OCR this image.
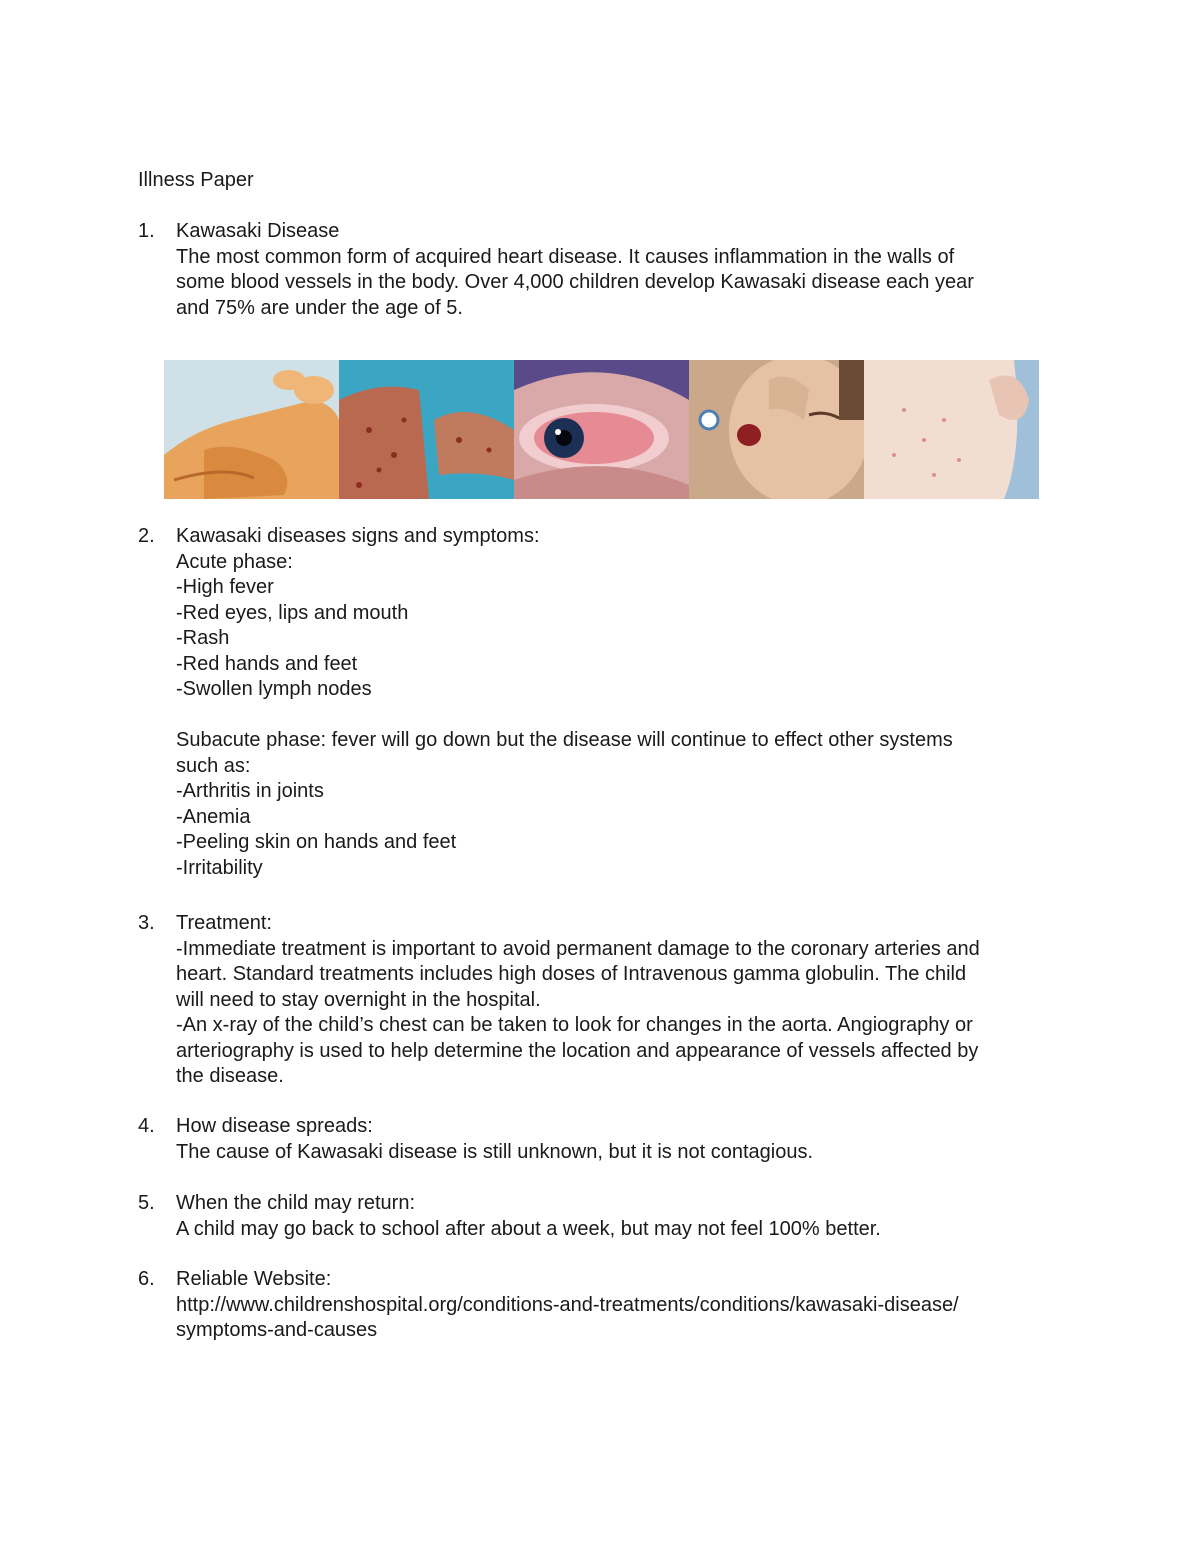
Illness Paper
1.	Kawasaki Disease
The most common form of acquired heart disease. It causes inflammation in the walls of
some blood vessels in the body. Over 4,000 children develop Kawasaki disease each year
and 75% are under the age of 5.
2.	Kawasaki diseases signs and symptoms:
Acute phase:
-High fever
-Red eyes, lips and mouth
-Rash
-Red hands and feet
-Swollen lymph nodes
Subacute phase: fever will go down but the disease will continue to effect other systems
such as:
-Arthritis in joints
-Anemia
-Peeling skin on hands and feet
-Irritability
3.	Treatment:
-Immediate treatment is important to avoid permanent damage to the coronary arteries and
heart. Standard treatments includes high doses of Intravenous gamma globulin. The child
will need to stay overnight in the hospital.
-An x-ray of the child’s chest can be taken to look for changes in the aorta. Angiography or
arteriography is used to help determine the location and appearance of vessels affected by
the disease.
4.	How disease spreads:
The cause of Kawasaki disease is still unknown, but it is not contagious.
5.	When the child may return:
A child may go back to school after about a week, but may not feel 100% better.
6.	Reliable Website:
http://www.childrenshospital.org/conditions-and-treatments/conditions/kawasaki-disease/
symptoms-and-causes
